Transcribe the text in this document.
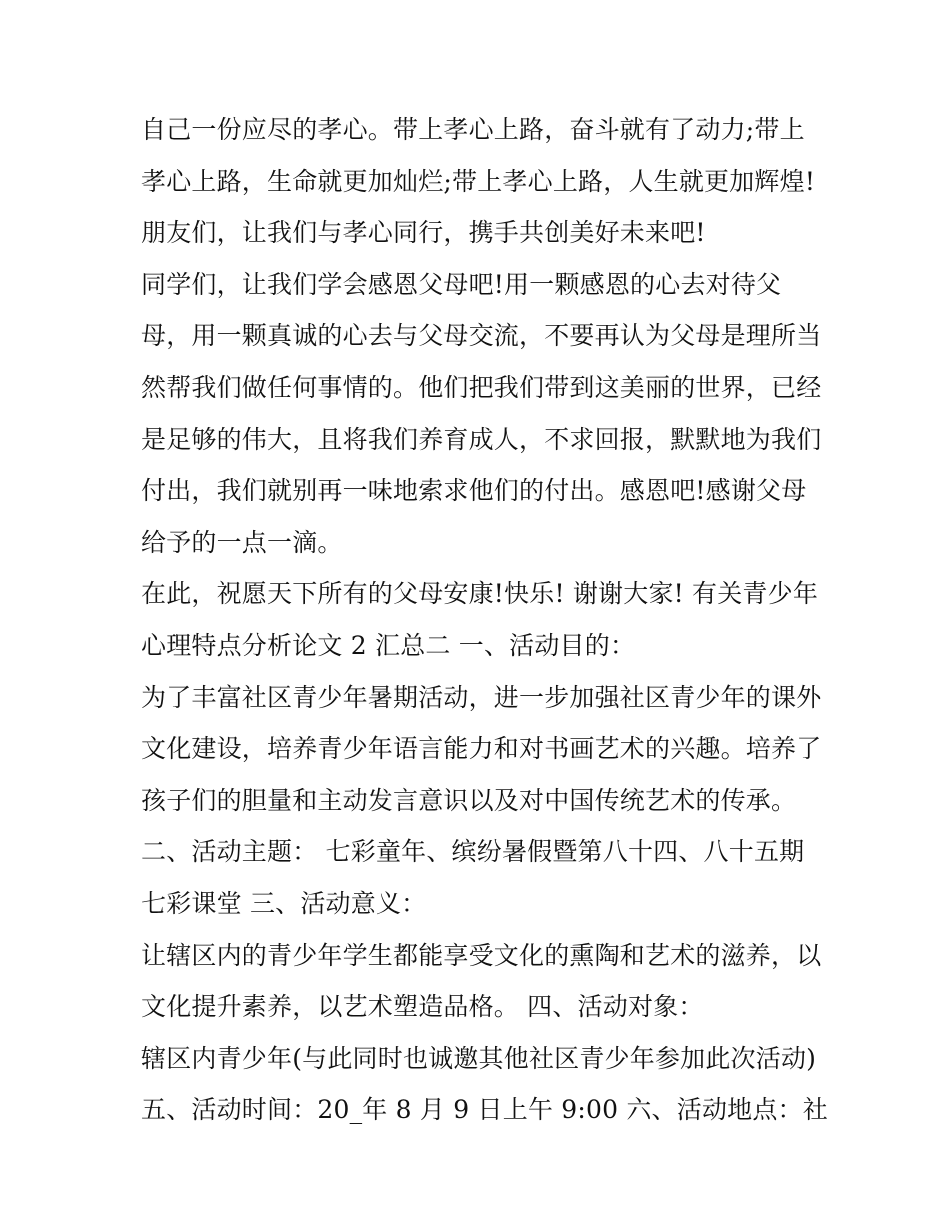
自己一份应尽的孝心。带上孝心上路，奋斗就有了动力;带上
孝心上路，生命就更加灿烂;带上孝心上路，人生就更加辉煌!
朋友们，让我们与孝心同行，携手共创美好未来吧!
同学们，让我们学会感恩父母吧!用一颗感恩的心去对待父
母，用一颗真诚的心去与父母交流，不要再认为父母是理所当
然帮我们做任何事情的。他们把我们带到这美丽的世界，已经
是足够的伟大，且将我们养育成人，不求回报，默默地为我们
付出，我们就别再一味地索求他们的付出。感恩吧!感谢父母
给予的一点一滴。
在此，祝愿天下所有的父母安康!快乐! 谢谢大家! 有关青少年
心理特点分析论文 2 汇总二 一、活动目的：
为了丰富社区青少年暑期活动，进一步加强社区青少年的课外
文化建设，培养青少年语言能力和对书画艺术的兴趣。培养了
孩子们的胆量和主动发言意识以及对中国传统艺术的传承。
二、活动主题： 七彩童年、缤纷暑假暨第八十四、八十五期
七彩课堂 三、活动意义：
让辖区内的青少年学生都能享受文化的熏陶和艺术的滋养，以
文化提升素养，以艺术塑造品格。 四、活动对象：
辖区内青少年(与此同时也诚邀其他社区青少年参加此次活动)
五、活动时间：20_年 8 月 9 日上午 9:00 六、活动地点：社
